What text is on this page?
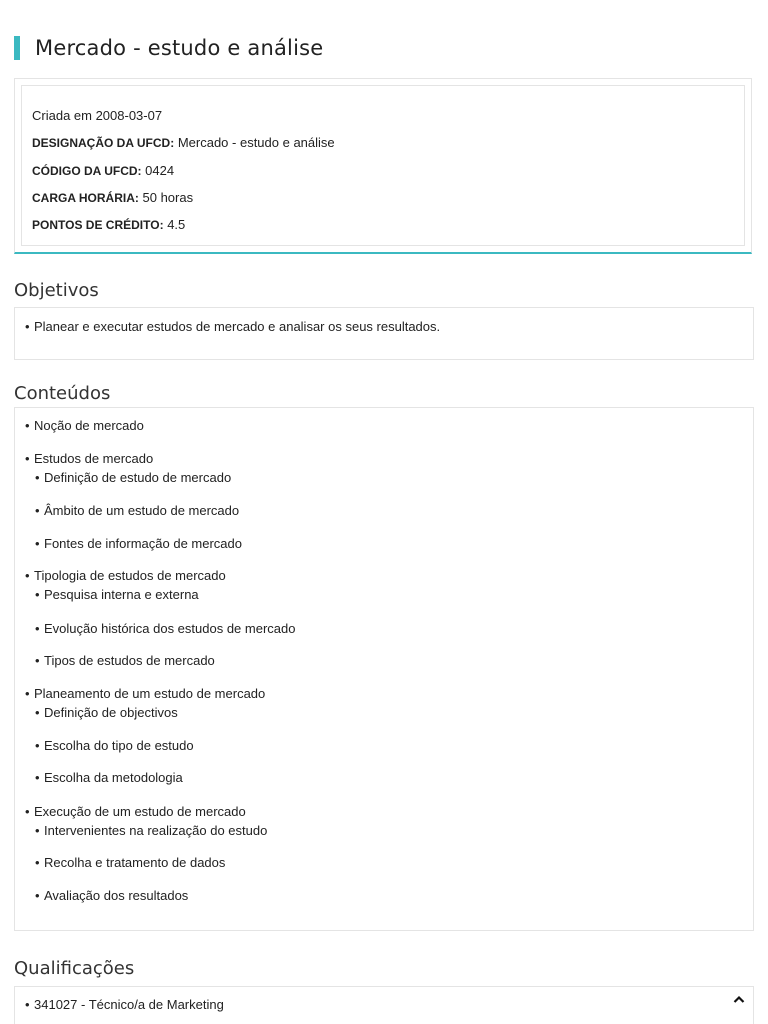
Mercado - estudo e análise
Criada em 2008-03-07
DESIGNAÇÃO DA UFCD: Mercado - estudo e análise
CÓDIGO DA UFCD: 0424
CARGA HORÁRIA: 50 horas
PONTOS DE CRÉDITO: 4.5
Objetivos
• Planear e executar estudos de mercado e analisar os seus resultados.
Conteúdos
• Noção de mercado
• Estudos de mercado
• Definição de estudo de mercado
• Âmbito de um estudo de mercado
• Fontes de informação de mercado
• Tipologia de estudos de mercado
• Pesquisa interna e externa
• Evolução histórica dos estudos de mercado
• Tipos de estudos de mercado
• Planeamento de um estudo de mercado
• Definição de objectivos
• Escolha do tipo de estudo
• Escolha da metodologia
• Execução de um estudo de mercado
• Intervenientes na realização do estudo
• Recolha e tratamento de dados
• Avaliação dos resultados
Qualificações
• 341027 - Técnico/a de Marketing
